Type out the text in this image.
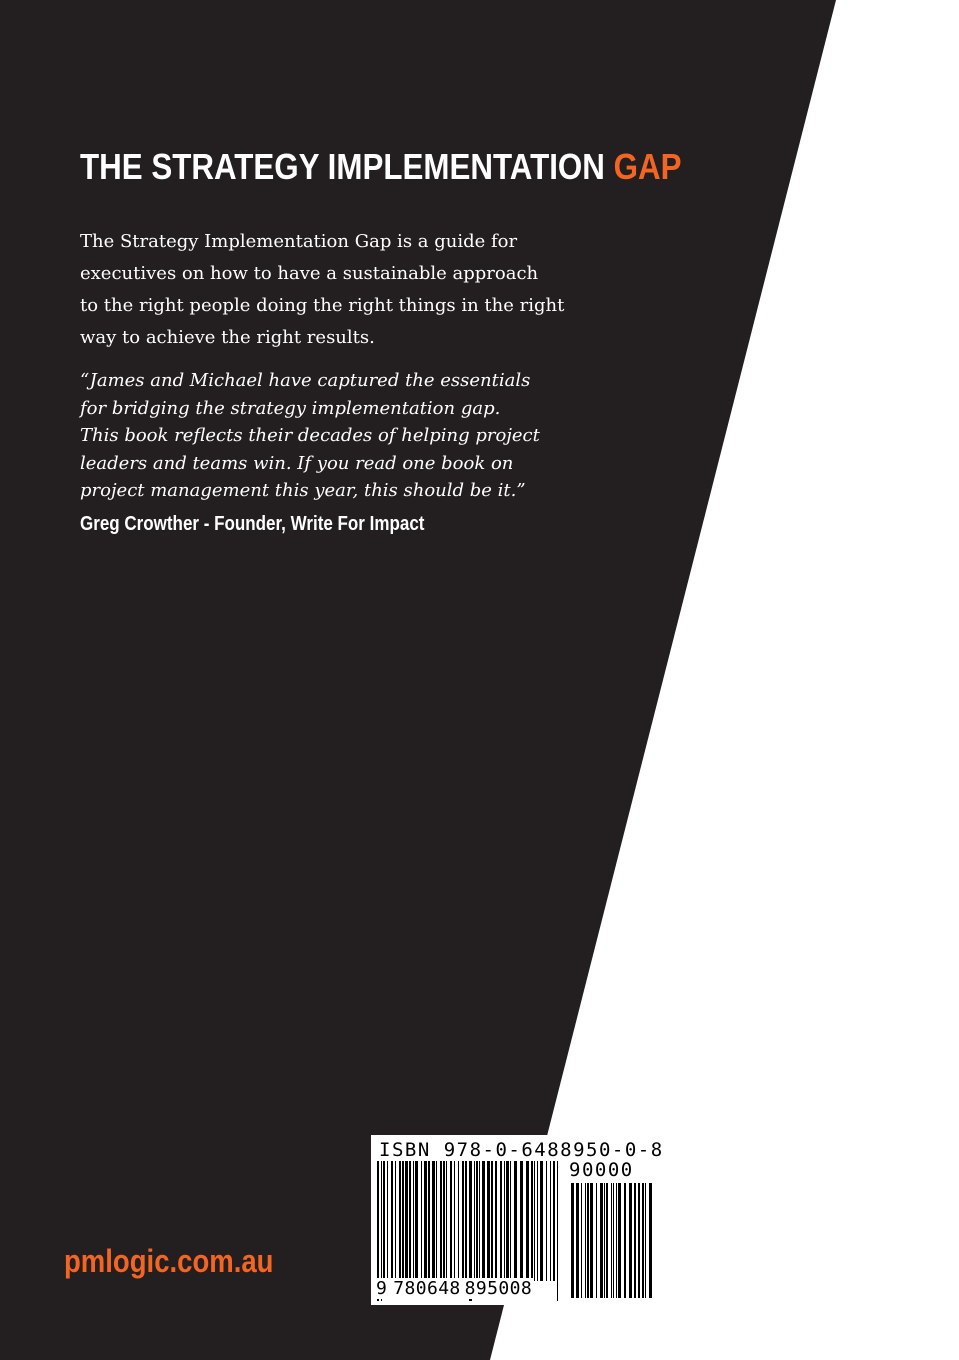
THE STRATEGY IMPLEMENTATION GAP

The Strategy Implementation Gap is a guide for
executives on how to have a sustainable approach
to the right people doing the right things in the right
way to achieve the right results.

“James and Michael have captured the essentials
for bridging the strategy implementation gap.
This book reflects their decades of helping project
leaders and teams win. If you read one book on
project management this year, this should be it.”

Greg Crowther - Founder, Write For Impact

pmlogic.com.au

ISBN 978-0-6488950-0-8
90000
9 780648 895008
